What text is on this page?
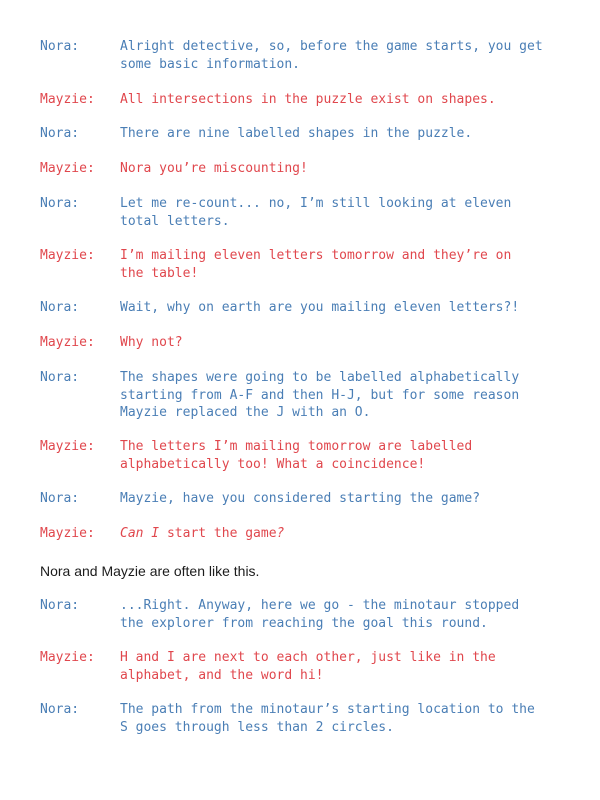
Nora:	Alright detective, so, before the game starts, you get
some basic information.
Mayzie:	All intersections in the puzzle exist on shapes.
Nora:	There are nine labelled shapes in the puzzle.
Mayzie:	Nora you’re miscounting!
Nora:	Let me re-count... no, I’m still looking at eleven
total letters.
Mayzie:	I’m mailing eleven letters tomorrow and they’re on
the table!
Nora:	Wait, why on earth are you mailing eleven letters?!
Mayzie:	Why not?
Nora:	The shapes were going to be labelled alphabetically
starting from A-F and then H-J, but for some reason
Mayzie replaced the J with an O.
Mayzie:	The letters I’m mailing tomorrow are labelled
alphabetically too! What a coincidence!
Nora:	Mayzie, have you considered starting the game?
Mayzie:	Can I start the game?
Nora and Mayzie are often like this.
Nora:	...Right. Anyway, here we go - the minotaur stopped
the explorer from reaching the goal this round.
Mayzie:	H and I are next to each other, just like in the
alphabet, and the word hi!
Nora:	The path from the minotaur’s starting location to the
S goes through less than 2 circles.
